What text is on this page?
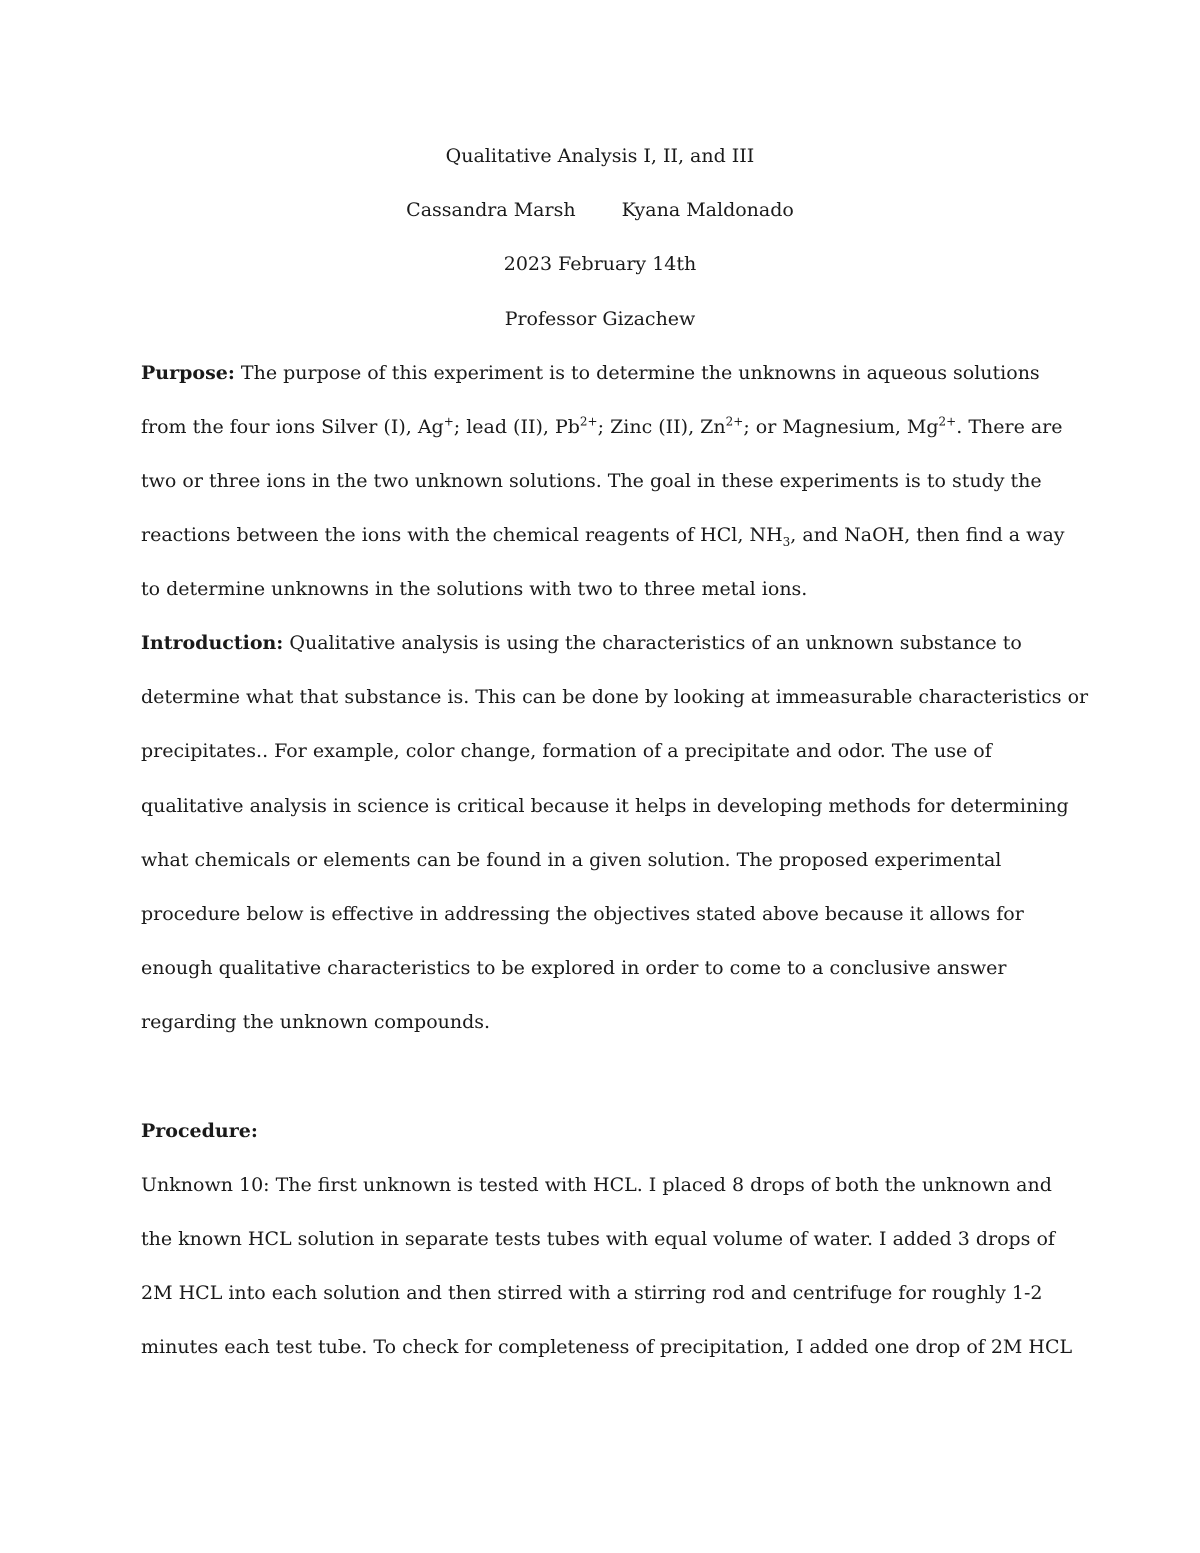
Qualitative Analysis I, II, and III
Cassandra Marsh Kyana Maldonado
2023 February 14th
Professor Gizachew
Purpose: The purpose of this experiment is to determine the unknowns in aqueous solutions
from the four ions Silver (I), Ag+; lead (II), $Pb^{2+}$; Zinc (II), $Zn^{2+}$; or Magnesium, $Mg^{2+}$. There are
two or three ions in the two unknown solutions. The goal in these experiments is to study the
reactions between the ions with the chemical reagents of HCl, $NH_3$, and NaOH, then find a way
to determine unknowns in the solutions with two to three metal ions.
Introduction: Qualitative analysis is using the characteristics of an unknown substance to
determine what that substance is. This can be done by looking at immeasurable characteristics or
precipitates.. For example, color change, formation of a precipitate and odor. The use of
qualitative analysis in science is critical because it helps in developing methods for determining
what chemicals or elements can be found in a given solution. The proposed experimental
procedure below is effective in addressing the objectives stated above because it allows for
enough qualitative characteristics to be explored in order to come to a conclusive answer
regarding the unknown compounds.
Procedure:
Unknown 10: The first unknown is tested with HCL. I placed 8 drops of both the unknown and
the known HCL solution in separate tests tubes with equal volume of water. I added 3 drops of
2M HCL into each solution and then stirred with a stirring rod and centrifuge for roughly 1-2
minutes each test tube. To check for completeness of precipitation, I added one drop of 2M HCL
